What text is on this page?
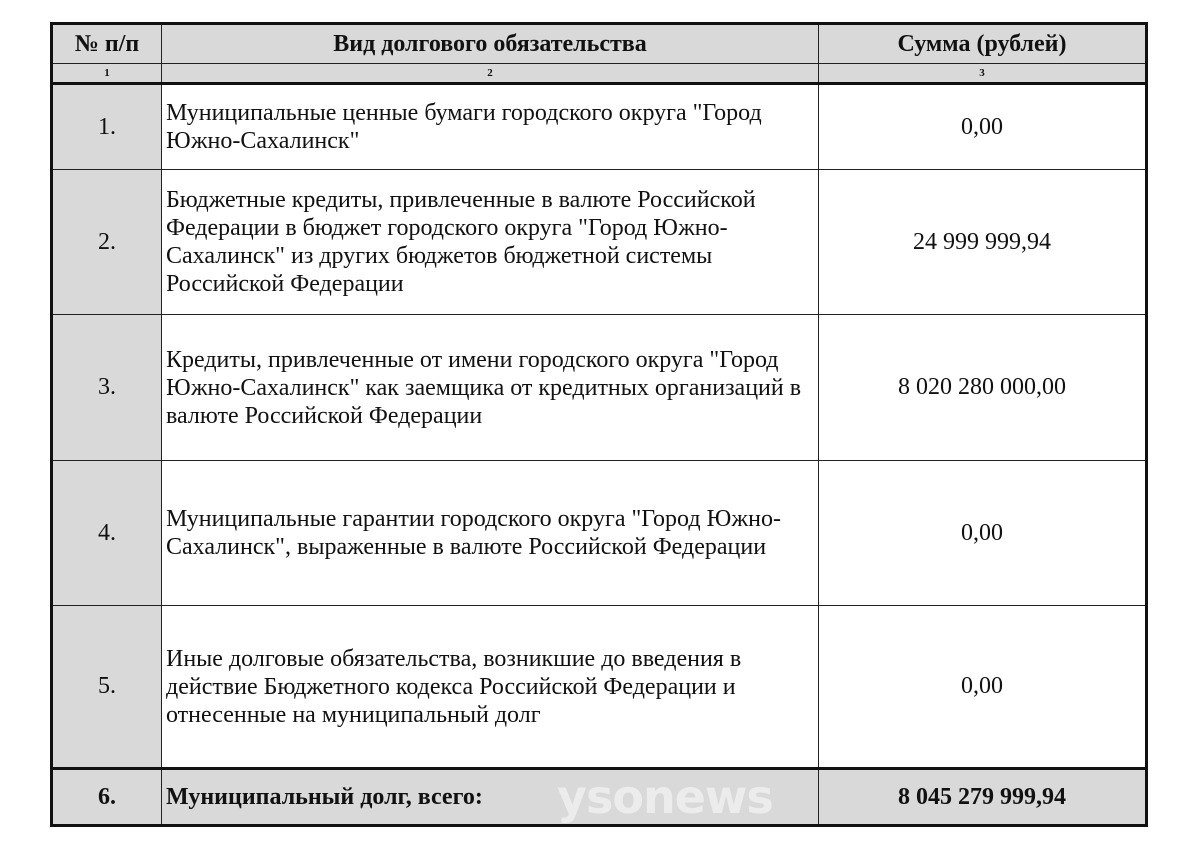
№ п/п	Вид долгового обязательства	Сумма (рублей)
1	2	3
1.	Муниципальные ценные бумаги городского округа "Город Южно-Сахалинск"	0,00
2.	Бюджетные кредиты, привлеченные в валюте Российской Федерации в бюджет городского округа "Город Южно-Сахалинск" из других бюджетов бюджетной системы Российской Федерации	24 999 999,94
3.	Кредиты, привлеченные от имени городского округа "Город Южно-Сахалинск" как заемщика от кредитных организаций в валюте Российской Федерации	8 020 280 000,00
4.	Муниципальные гарантии городского округа "Город Южно-Сахалинск", выраженные в валюте Российской Федерации	0,00
5.	Иные долговые обязательства, возникшие до введения в действие Бюджетного кодекса Российской Федерации и отнесенные на муниципальный долг	0,00
6.	Муниципальный долг, всего: ysonews	8 045 279 999,94
